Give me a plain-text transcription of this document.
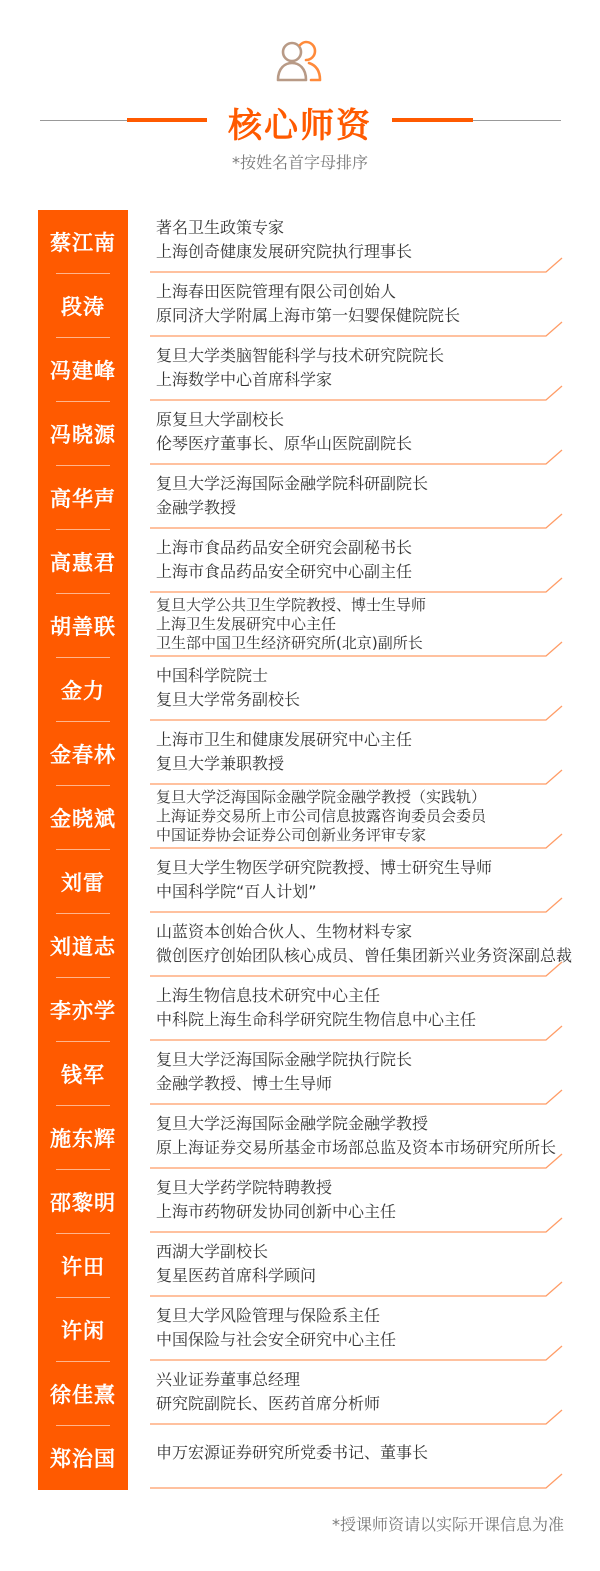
核心师资
*按姓名首字母排序
蔡江南
著名卫生政策专家
上海创奇健康发展研究院执行理事长
段涛
上海春田医院管理有限公司创始人
原同济大学附属上海市第一妇婴保健院院长
冯建峰
复旦大学类脑智能科学与技术研究院院长
上海数学中心首席科学家
冯晓源
原复旦大学副校长
伦琴医疗董事长、原华山医院副院长
高华声
复旦大学泛海国际金融学院科研副院长
金融学教授
高惠君
上海市食品药品安全研究会副秘书长
上海市食品药品安全研究中心副主任
胡善联
复旦大学公共卫生学院教授、博士生导师
上海卫生发展研究中心主任
卫生部中国卫生经济研究所(北京)副所长
金力
中国科学院院士
复旦大学常务副校长
金春林
上海市卫生和健康发展研究中心主任
复旦大学兼职教授
金晓斌
复旦大学泛海国际金融学院金融学教授（实践轨）
上海证券交易所上市公司信息披露咨询委员会委员
中国证券协会证券公司创新业务评审专家
刘雷
复旦大学生物医学研究院教授、博士研究生导师
中国科学院“百人计划”
刘道志
山蓝资本创始合伙人、生物材料专家
微创医疗创始团队核心成员、曾任集团新兴业务资深副总裁
李亦学
上海生物信息技术研究中心主任
中科院上海生命科学研究院生物信息中心主任
钱军
复旦大学泛海国际金融学院执行院长
金融学教授、博士生导师
施东辉
复旦大学泛海国际金融学院金融学教授
原上海证券交易所基金市场部总监及资本市场研究所所长
邵黎明
复旦大学药学院特聘教授
上海市药物研发协同创新中心主任
许田
西湖大学副校长
复星医药首席科学顾问
许闲
复旦大学风险管理与保险系主任
中国保险与社会安全研究中心主任
徐佳熹
兴业证券董事总经理
研究院副院长、医药首席分析师
郑治国	申万宏源证券研究所党委书记、董事长
*授课师资请以实际开课信息为准
